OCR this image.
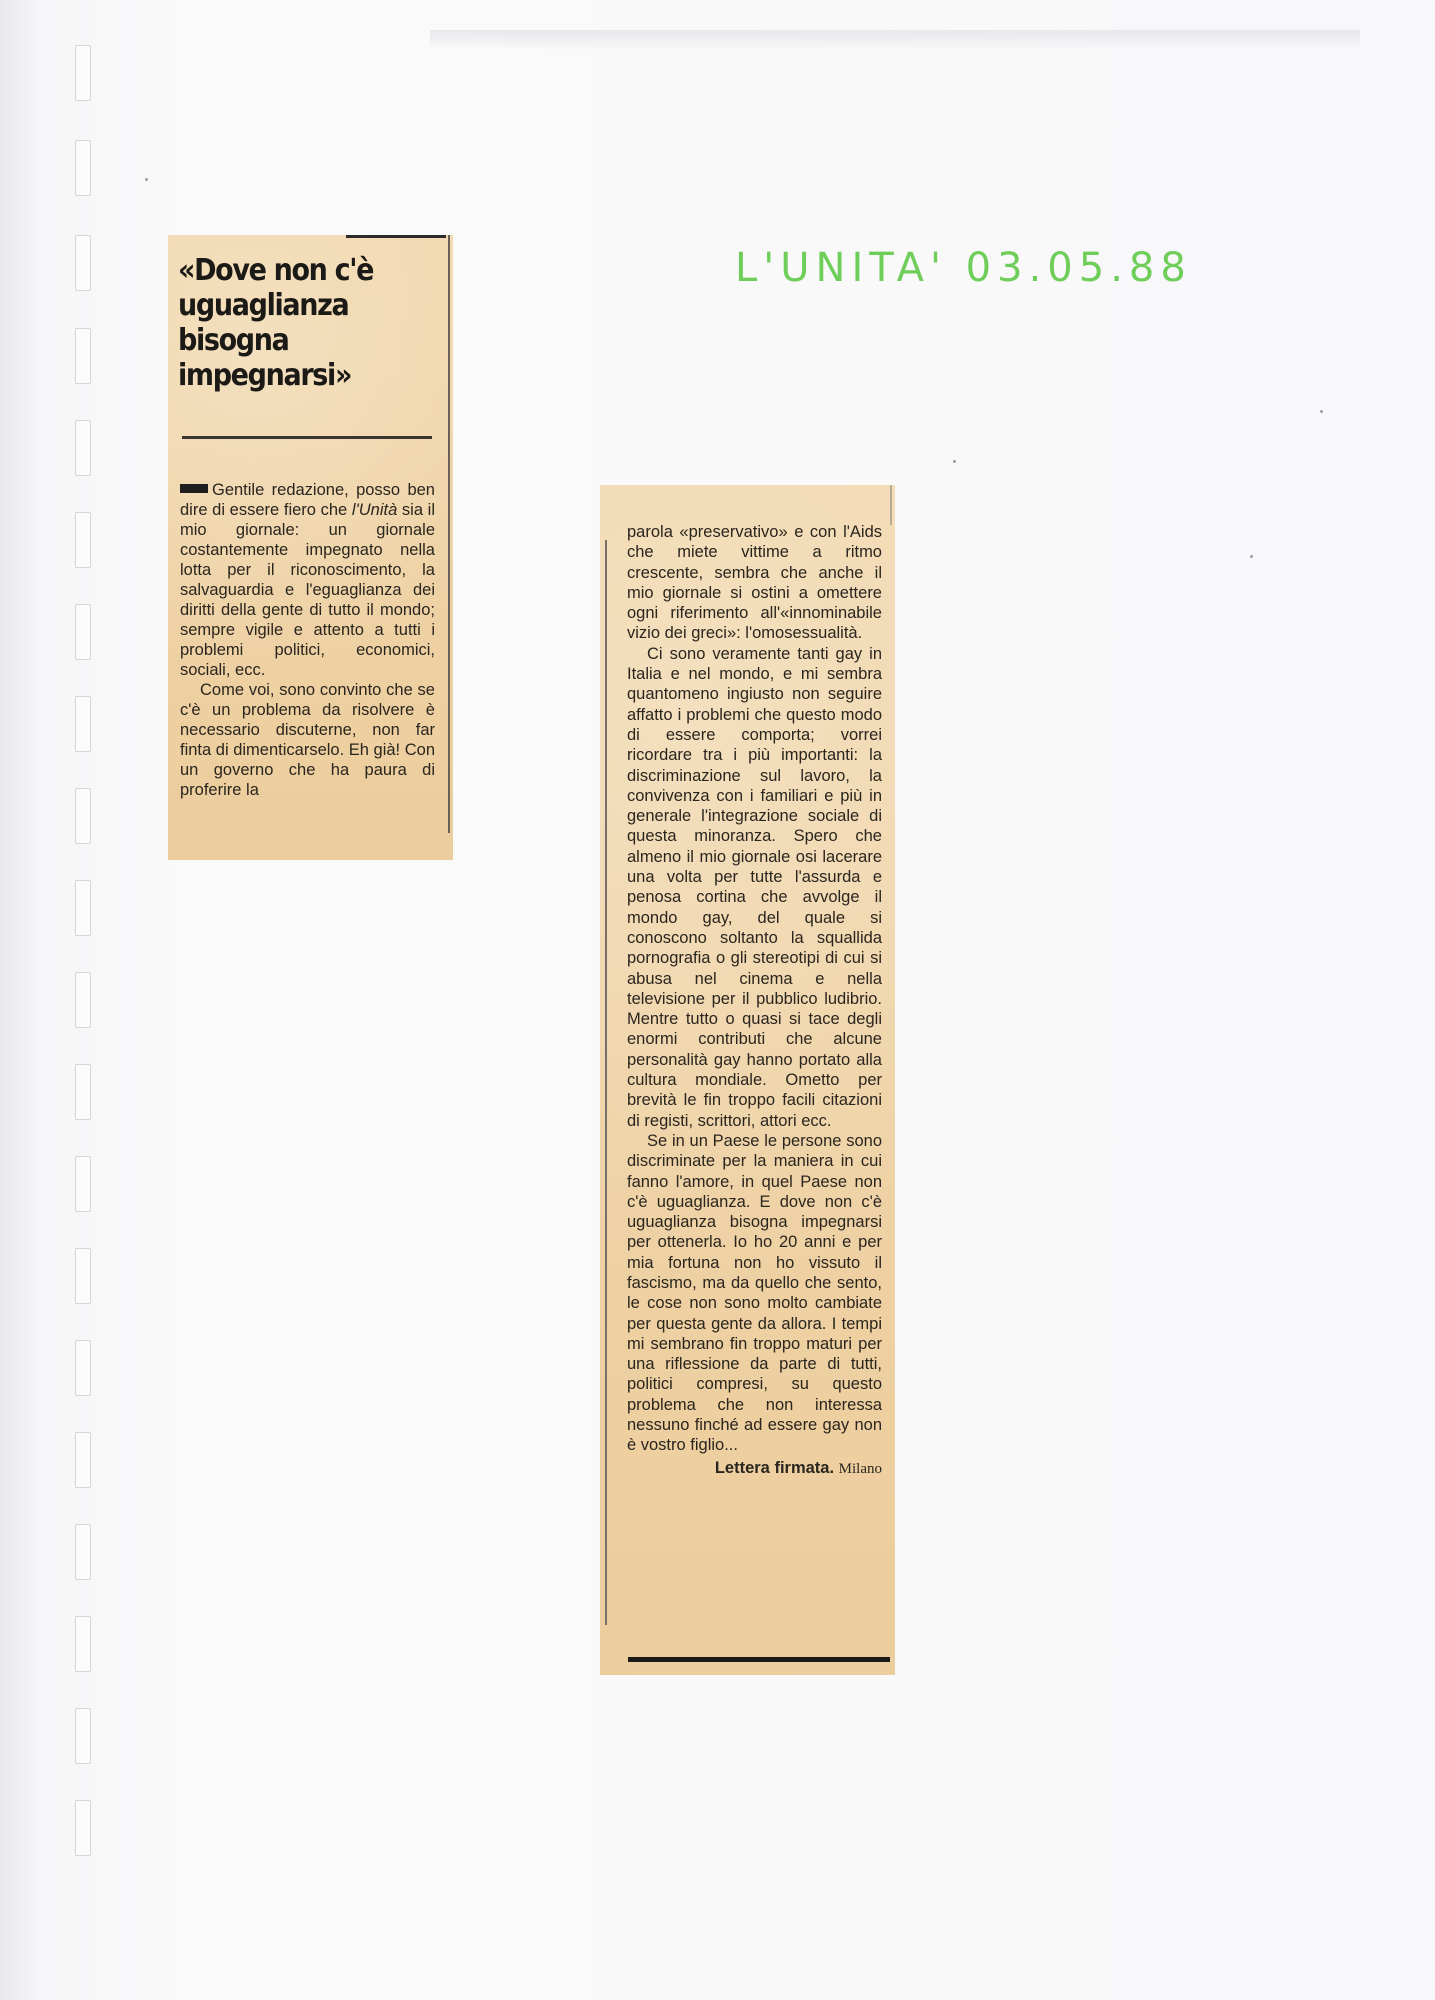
L'UNITA' 03.05.88
«Dove non c'è
uguaglianza
bisogna
impegnarsi»

Gentile redazione, posso ben dire di essere fiero che l'Unità sia il mio giornale: un giornale costantemente impegnato nella lotta per il riconoscimento, la salvaguardia e l'eguaglianza dei diritti della gente di tutto il mondo; sempre vigile e attento a tutti i problemi politici, economici, sociali, ecc.

Come voi, sono convinto che se c'è un problema da risolvere è necessario discuterne, non far finta di dimenticarselo. Eh già! Con un governo che ha paura di proferire la

parola «preservativo» e con l'Aids che miete vittime a ritmo crescente, sembra che anche il mio giornale si ostini a omettere ogni riferimento all'«innominabile vizio dei greci»: l'omosessualità.

Ci sono veramente tanti gay in Italia e nel mondo, e mi sembra quantomeno ingiusto non seguire affatto i problemi che questo modo di essere comporta; vorrei ricordare tra i più importanti: la discriminazione sul lavoro, la convivenza con i familiari e più in generale l'integrazione sociale di questa minoranza. Spero che almeno il mio giornale osi lacerare una volta per tutte l'assurda e penosa cortina che avvolge il mondo gay, del quale si conoscono soltanto la squallida pornografia o gli stereotipi di cui si abusa nel cinema e nella televisione per il pubblico ludibrio. Mentre tutto o quasi si tace degli enormi contributi che alcune personalità gay hanno portato alla cultura mondiale. Ometto per brevità le fin troppo facili citazioni di registi, scrittori, attori ecc.

Se in un Paese le persone sono discriminate per la maniera in cui fanno l'amore, in quel Paese non c'è uguaglianza. E dove non c'è uguaglianza bisogna impegnarsi per ottenerla. Io ho 20 anni e per mia fortuna non ho vissuto il fascismo, ma da quello che sento, le cose non sono molto cambiate per questa gente da allora. I tempi mi sembrano fin troppo maturi per una riflessione da parte di tutti, politici compresi, su questo problema che non interessa nessuno finché ad essere gay non è vostro figlio...

Lettera firmata. Milano
